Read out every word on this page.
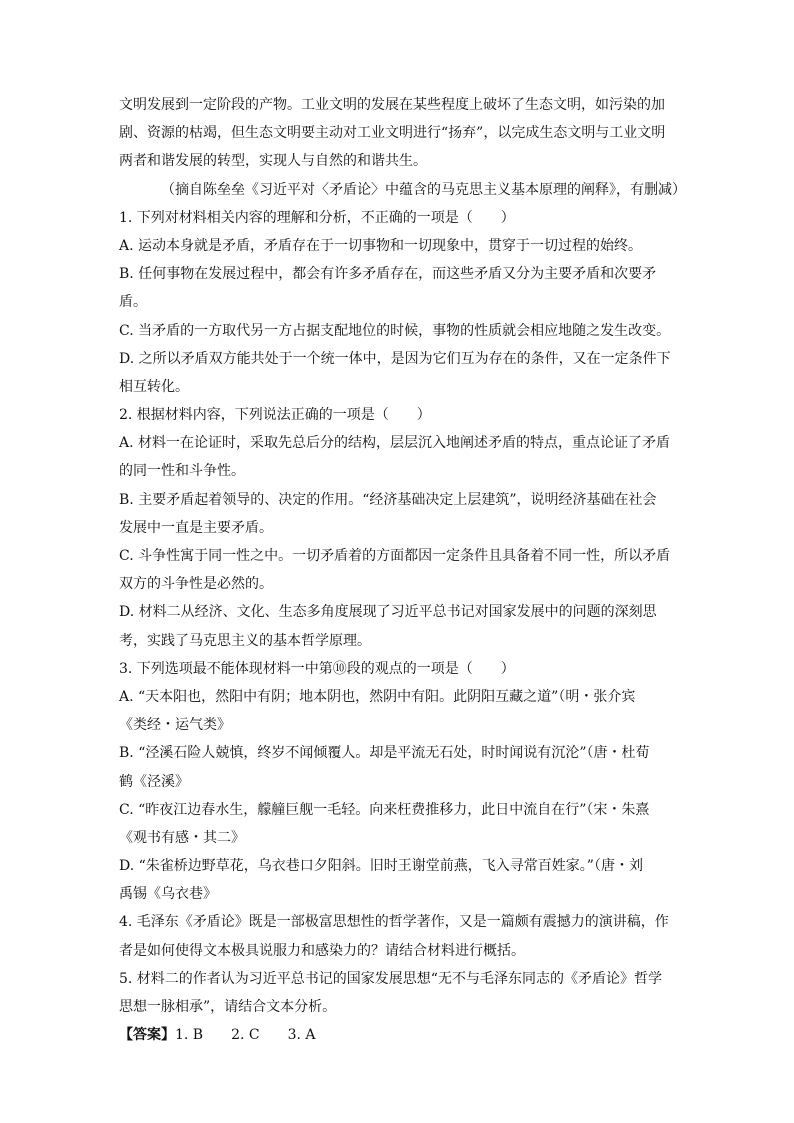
文明发展到一定阶段的产物。工业文明的发展在某些程度上破坏了生态文明，如污染的加
剧、资源的枯竭，但生态文明要主动对工业文明进行“扬弃”，以完成生态文明与工业文明
两者和谐发展的转型，实现人与自然的和谐共生。
（摘自陈垒垒《习近平对〈矛盾论〉中蕴含的马克思主义基本原理的阐释》，有删减）
1. 下列对材料相关内容的理解和分析，不正确的一项是（　　）
A. 运动本身就是矛盾，矛盾存在于一切事物和一切现象中，贯穿于一切过程的始终。
B. 任何事物在发展过程中，都会有许多矛盾存在，而这些矛盾又分为主要矛盾和次要矛
盾。
C. 当矛盾的一方取代另一方占据支配地位的时候，事物的性质就会相应地随之发生改变。
D. 之所以矛盾双方能共处于一个统一体中，是因为它们互为存在的条件，又在一定条件下
相互转化。
2. 根据材料内容，下列说法正确的一项是（　　）
A. 材料一在论证时，采取先总后分的结构，层层沉入地阐述矛盾的特点，重点论证了矛盾
的同一性和斗争性。
B. 主要矛盾起着领导的、决定的作用。“经济基础决定上层建筑”，说明经济基础在社会
发展中一直是主要矛盾。
C. 斗争性寓于同一性之中。一切矛盾着的方面都因一定条件且具备着不同一性，所以矛盾
双方的斗争性是必然的。
D. 材料二从经济、文化、生态多角度展现了习近平总书记对国家发展中的问题的深刻思
考，实践了马克思主义的基本哲学原理。
3. 下列选项最不能体现材料一中第⑩段的观点的一项是（　　）
A. “天本阳也，然阳中有阴；地本阴也，然阴中有阳。此阴阳互藏之道”（明・张介宾
《类经・运气类》
B. “泾溪石险人兢慎，终岁不闻倾覆人。却是平流无石处，时时闻说有沉沦”（唐・杜荀
鹤《泾溪》
C. “昨夜江边春水生，艨艟巨舰一毛轻。向来枉费推移力，此日中流自在行”（宋・朱熹
《观书有感・其二》
D. “朱雀桥边野草花，乌衣巷口夕阳斜。旧时王谢堂前燕，飞入寻常百姓家。”（唐・刘
禹锡《乌衣巷》
4. 毛泽东《矛盾论》既是一部极富思想性的哲学著作，又是一篇颇有震撼力的演讲稿，作
者是如何使得文本极具说服力和感染力的？请结合材料进行概括。
5. 材料二的作者认为习近平总书记的国家发展思想“无不与毛泽东同志的《矛盾论》哲学
思想一脉相承”，请结合文本分析。
【答案】1. B　　2. C　　3. A
